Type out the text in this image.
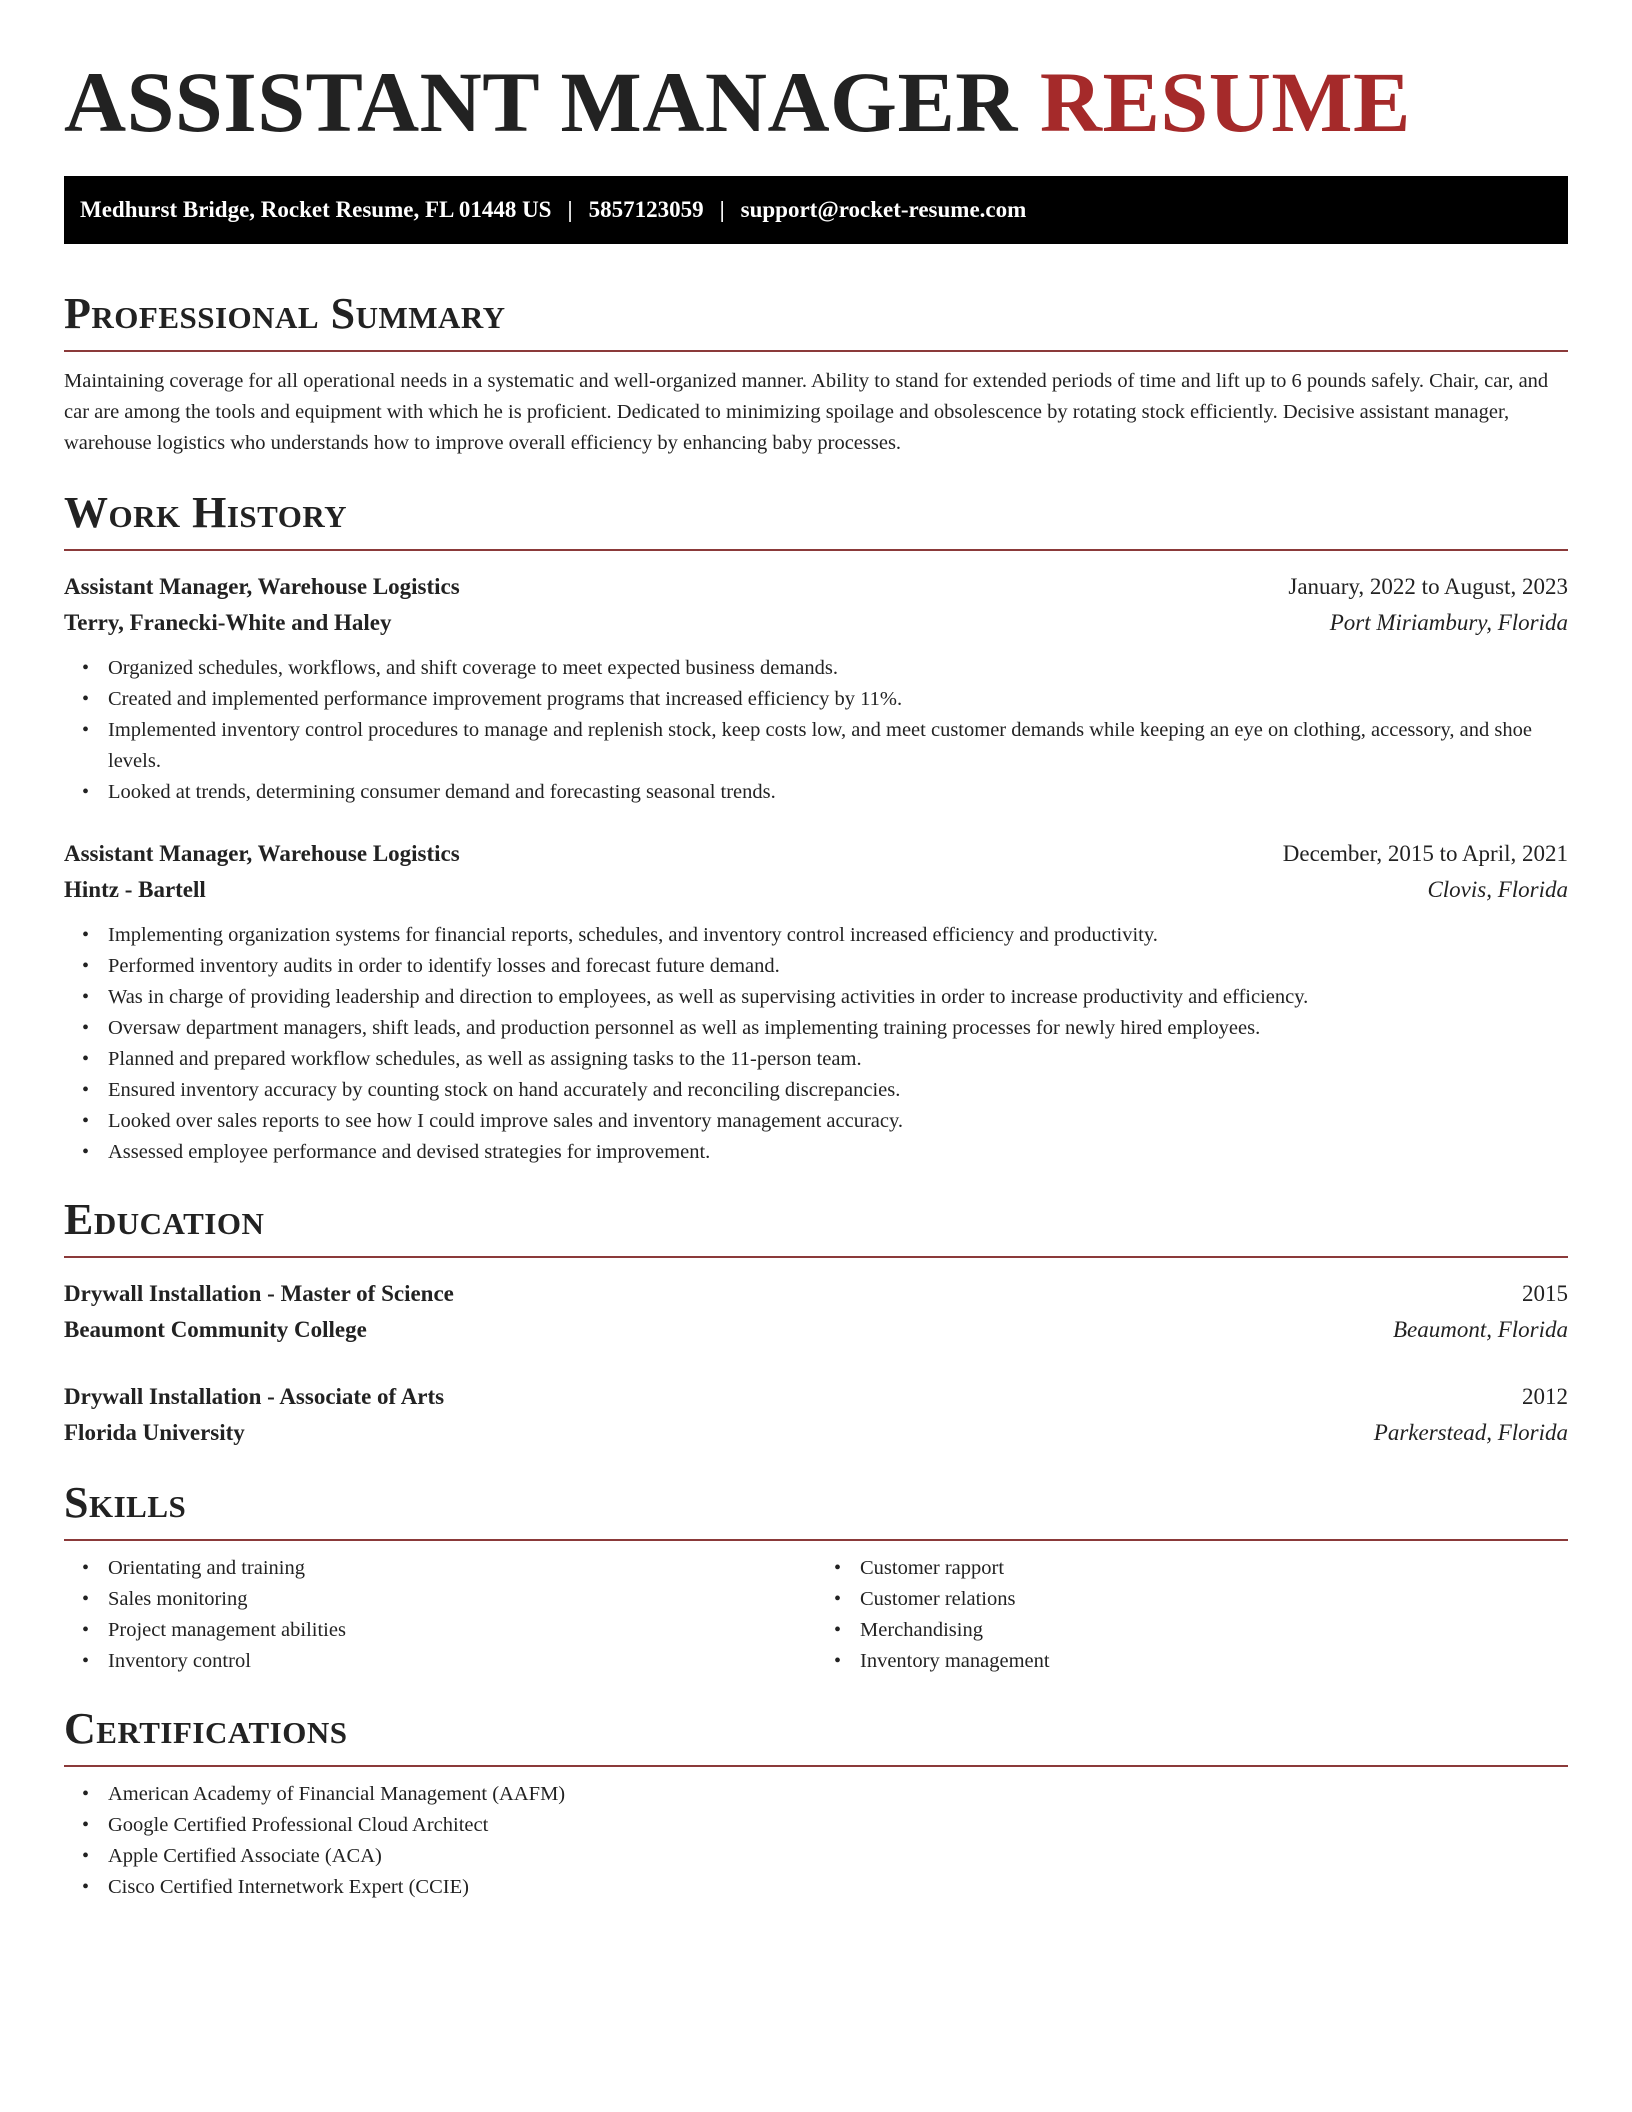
ASSISTANT MANAGER RESUME
Medhurst Bridge, Rocket Resume, FL 01448 US | 5857123059 | support@rocket-resume.com
Professional Summary

Maintaining coverage for all operational needs in a systematic and well-organized manner. Ability to stand for extended periods of time and lift up to 6 pounds safely. Chair, car, and car are among the tools and equipment with which he is proficient. Dedicated to minimizing spoilage and obsolescence by rotating stock efficiently. Decisive assistant manager, warehouse logistics who understands how to improve overall efficiency by enhancing baby processes.

Work History
Assistant Manager, Warehouse Logistics	January, 2022 to August, 2023
Terry, Franecki-White and Haley	Port Miriambury, Florida
• Organized schedules, workflows, and shift coverage to meet expected business demands.
• Created and implemented performance improvement programs that increased efficiency by 11%.
• Implemented inventory control procedures to manage and replenish stock, keep costs low, and meet customer demands while keeping an eye on clothing, accessory, and shoe levels.
• Looked at trends, determining consumer demand and forecasting seasonal trends.
Assistant Manager, Warehouse Logistics	December, 2015 to April, 2021
Hintz - Bartell	Clovis, Florida
• Implementing organization systems for financial reports, schedules, and inventory control increased efficiency and productivity.
• Performed inventory audits in order to identify losses and forecast future demand.
• Was in charge of providing leadership and direction to employees, as well as supervising activities in order to increase productivity and efficiency.
• Oversaw department managers, shift leads, and production personnel as well as implementing training processes for newly hired employees.
• Planned and prepared workflow schedules, as well as assigning tasks to the 11-person team.
• Ensured inventory accuracy by counting stock on hand accurately and reconciling discrepancies.
• Looked over sales reports to see how I could improve sales and inventory management accuracy.
• Assessed employee performance and devised strategies for improvement.
Education
Drywall Installation - Master of Science	2015
Beaumont Community College	Beaumont, Florida
Drywall Installation - Associate of Arts	2012
Florida University	Parkerstead, Florida
Skills
• Orientating and training
• Sales monitoring
• Project management abilities
• Inventory control
• Customer rapport
• Customer relations
• Merchandising
• Inventory management
Certifications
• American Academy of Financial Management (AAFM)
• Google Certified Professional Cloud Architect
• Apple Certified Associate (ACA)
• Cisco Certified Internetwork Expert (CCIE)
